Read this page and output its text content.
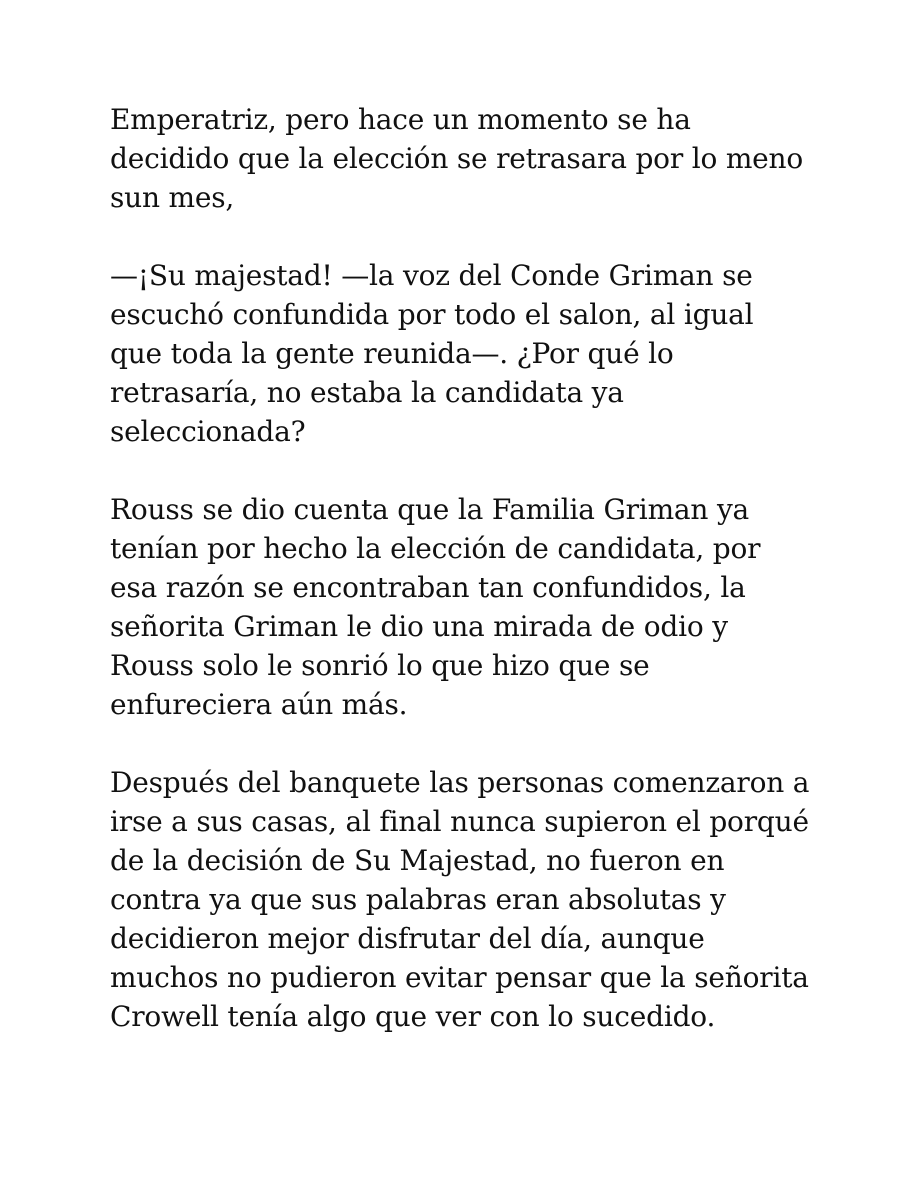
Emperatriz, pero hace un momento se ha decidido que la elección se retrasara por lo meno sun mes,

—¡Su majestad! —la voz del Conde Griman se escuchó confundida por todo el salon, al igual que toda la gente reunida—. ¿Por qué lo retrasaría, no estaba la candidata ya seleccionada?

Rouss se dio cuenta que la Familia Griman ya tenían por hecho la elección de candidata, por esa razón se encontraban tan confundidos, la señorita Griman le dio una mirada de odio y Rouss solo le sonrió lo que hizo que se enfureciera aún más.

Después del banquete las personas comenzaron a irse a sus casas, al final nunca supieron el porqué de la decisión de Su Majestad, no fueron en contra ya que sus palabras eran absolutas y decidieron mejor disfrutar del día, aunque muchos no pudieron evitar pensar que la señorita Crowell tenía algo que ver con lo sucedido.
